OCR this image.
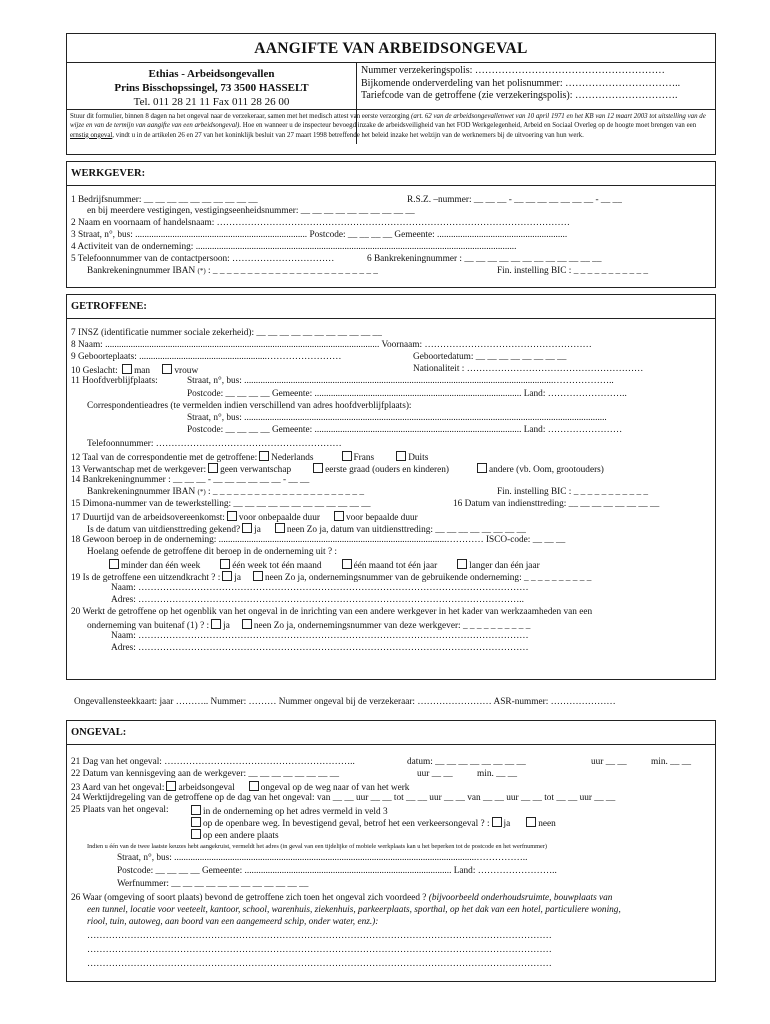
AANGIFTE VAN ARBEIDSONGEVAL
Ethias - Arbeidsongevallen
Prins Bisschopssingel, 73 3500 HASSELT
Tel. 011 28 21 11 Fax 011 28 26 00
Nummer verzekeringspolis: …………………………………………………
Bijkomende onderverdeling van het polisnummer: ……………………………..
Tariefcode van de getroffene (zie verzekeringspolis): ………………………….
Stuur dit formulier, binnen 8 dagen na het ongeval naar de verzekeraar, samen met het medisch attest van eerste verzorging (art. 62 van de arbeidsongevallenwet van 10 april 1971 en het KB van 12 maart 2003 tot uitstelling van de wijze en van de termijn van aangifte van een arbeidsongeval). Hoe en wanneer u de inspecteur bevoegd inzake de arbeidsveiligheid van het FOD Werkgelegenheid, Arbeid en Sociaal Overleg op de hoogte moet brengen van een ernstig ongeval, vindt u in de artikelen 26 en 27 van het koninklijk besluit van 27 maart 1998 betreffende het beleid inzake het welzijn van de werknemers bij de uitvoering van hun werk.
WERKGEVER:
1 Bedrijfsnummer: __ __ __ __ __ __ __ __ __ __	R.S.Z. –nummer: __ __ __ - __ __ __ __ __ __ __ - __ __
en bij meerdere vestigingen, vestigingseenheidsnummer: __ __ __ __ __ __ __ __ __ __
2 Naam en voornaam of handelsnaam: ……………………………………………………………………………………………………
3 Straat, n°, bus: .......................................................................... Postcode: __ __ __ __ Gemeente: ........................................................
4 Activiteit van de onderneming: ..........................................................................................................................................
5 Telefoonnummer van de contactpersoon: ……………………………	6 Bankrekeningnummer : __ __ __ __ __ __ __ __ __ __ __ __
Bankrekeningnummer IBAN (*) : _ _ _ _ _ _ _ _ _ _ _ _ _ _ _ _ _ _ _ _ _ _ _ _	Fin. instelling BIC : _ _ _ _ _ _ _ _ _ _ _
GETROFFENE:
7 INSZ (identificatie nummer sociale zekerheid): __ __ __ __ __ __ __ __ __ __ __
8 Naam: ...................................................................................................................... Voornaam: ………………………………………………
9 Geboorteplaats: .......................................................……………………	Geboortedatum: __ __ __ __ __ __ __ __
10 Geslacht: man	vrouw	Nationaliteit : …………………………………………………
11 Hoofdverblijfplaats:	Straat, n°, bus: .....................................................................................................................................………………..
Postcode: __ __ __ __ Gemeente: ......................................................................................... Land: ……………………..
Correspondentieadres (te vermelden indien verschillend van adres hoofdverblijfplaats):
Straat, n°, bus: ............................................................................................................................................................
Postcode: __ __ __ __ Gemeente: ......................................................................................... Land: ……………………
Telefoonnummer: ……………………………………………………
12 Taal van de correspondentie met de getroffene: Nederlands	Frans	Duits
13 Verwantschap met de werkgever: geen verwantschap	eerste graad (ouders en kinderen)	andere (vb. Oom, grootouders)
14 Bankrekeningnummer : __ __ __ - __ __ __ __ __ __ - __ __
Bankrekeningnummer IBAN (*) : _ _ _ _ _ _ _ _ _ _ _ _ _ _ _ _ _ _ _ _ _ _	Fin. instelling BIC : _ _ _ _ _ _ _ _ _ _ _
15 Dimona-nummer van de tewerkstelling: __ __ __ __ __ __ __ __ __ __ __ __	16 Datum van indiensttreding: __ __ __ __ __ __ __ __
17 Duurtijd van de arbeidsovereenkomst: voor onbepaalde duur	voor bepaalde duur
Is de datum van uitdiensttreding gekend? ja	neen Zo ja, datum van uitdiensttreding: __ __ __ __ __ __ __ __
18 Gewoon beroep in de onderneming: ..................................................................................................………… ISCO-code: __ __ __
Hoelang oefende de getroffene dit beroep in de onderneming uit ? :
minder dan één week	één week tot één maand	één maand tot één jaar	langer dan één jaar
19 Is de getroffene een uitzendkracht ? : ja	neen Zo ja, ondernemingsnummer van de gebruikende onderneming: _ _ _ _ _ _ _ _ _ _
Naam: ………………………………………………………………………………………………………………
Adres: ……………………………………………………………………………………………………………..
20 Werkt de getroffene op het ogenblik van het ongeval in de inrichting van een andere werkgever in het kader van werkzaamheden van een
onderneming van buitenaf (1) ? : ja	neen Zo ja, ondernemingsnummer van deze werkgever: _ _ _ _ _ _ _ _ _ _
Naam: ………………………………………………………………………………………………………………
Adres: ………………………………………………………………………………………………………………
Ongevallensteekkaart: jaar ……….. Nummer: ……… Nummer ongeval bij de verzekeraar: …………………… ASR-nummer: …………………
ONGEVAL:
21 Dag van het ongeval: ……………………………………………………..	datum: __ __ __ __ __ __ __ __	uur __ __	min. __ __
22 Datum van kennisgeving aan de werkgever: __ __ __ __ __ __ __ __	uur __ __	min. __ __
23 Aard van het ongeval: arbeidsongeval	ongeval op de weg naar of van het werk
24 Werktijdregeling van de getroffene op de dag van het ongeval: van __ __ uur __ __ tot __ __ uur __ __ van __ __ uur __ __ tot __ __ uur __ __
25 Plaats van het ongeval:	in de onderneming op het adres vermeld in veld 3
op de openbare weg. In bevestigend geval, betrof het een verkeersongeval ? : ja	neen
op een andere plaats
Indien u één van de twee laatste keuzes hebt aangekruist, vermeldt het adres (in geval van een tijdelijke of mobiele werkplaats kan u het beperken tot de postcode en het werfnummer)
Straat, n°, bus: ..................................................................................................................................……………..
Postcode: __ __ __ __ Gemeente: ......................................................................................... Land: ……………………..
Werfnummer: __ __ __ __ __ __ __ __ __ __ __ __
26 Waar (omgeving of soort plaats) bevond de getroffene zich toen het ongeval zich voordeed ? (bijvoorbeeld onderhoudsruimte, bouwplaats van
een tunnel, locatie voor veeteelt, kantoor, school, warenhuis, ziekenhuis, parkeerplaats, sporthal, op het dak van een hotel, particuliere woning,
riool, tuin, autoweg, aan boord van een aangemeerd schip, onder water, enz.):
……………………………………………………………………………………………………………………………………
……………………………………………………………………………………………………………………………………
……………………………………………………………………………………………………………………………………
